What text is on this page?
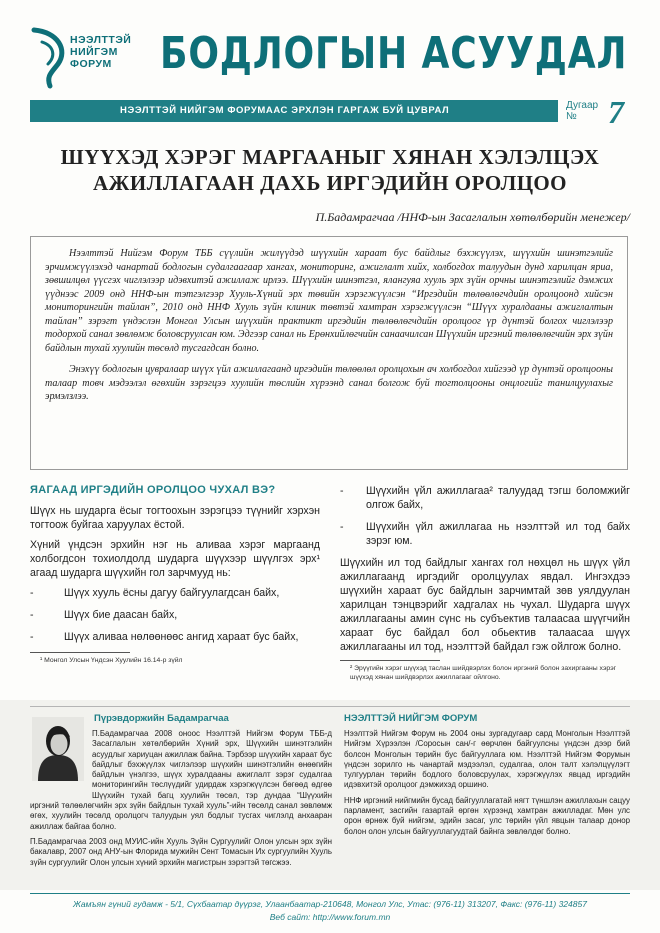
НЭЭЛТТЭЙ
НИЙГЭМ
ФОРУМ	БОДЛОГЫН АСУУДАЛ
НЭЭЛТТЭЙ НИЙГЭМ ФОРУМААС ЭРХЛЭН ГАРГАЖ БУЙ ЦУВРАЛ	Дугаар
№ 7
ШҮҮХЭД ХЭРЭГ МАРГААНЫГ ХЯНАН ХЭЛЭЛЦЭХ
АЖИЛЛАГААН ДАХЬ ИРГЭДИЙН ОРОЛЦОО
П.Бадамрагчаа /ННФ-ын Засаглалын хөтөлбөрийн менежер/

Нээлттэй Нийгэм Форум ТББ сүүлийн жилүүдэд шүүхийн хараат бус байдлыг бэхжүүлэх, шүүхийн шинэтгэлийг эрчимжүүлэхэд чанартай бодлогын судалгаагаар хангах, мониторинг, ажиглалт хийх, холбогдох талуудын дунд харилцан яриа, зөвшилцөл үүсгэх чиглэлээр идэвхитэй ажиллаж ирлээ. Шүүхийн шинэтгэл, ялангуяа хууль эрх зүйн орчны шинэтгэлийг дэмжих үүднээс 2009 онд ННФ-ын тэтгэлгээр Хууль-Хүний эрх төвийн хэрэгжүүлсэн “Иргэдийн төлөөлөгчдийн оролцоонд хийсэн мониторингийн тайлан”, 2010 онд ННФ Хууль зүйн клиник төвтэй хамтран хэрэгжүүлсэн “Шүүх хуралдааны ажиглалтын тайлан” зэрэгт үндэслэн Монгол Улсын шүүхийн практикт иргэдийн төлөөлөгчдийн оролцоог үр дүнтэй болгох чиглэлээр тодорхой санал зөвлөмж боловсруулсан юм. Эдгээр санал нь Ерөнхийлөгчийн санаачилсан Шүүхийн иргэний төлөөлөгчийн эрх зүйн байдлын тухай хуулийн төсөлд тусгагдсан болно.

Энэхүү бодлогын цувралаар шүүх үйл ажиллагаанд иргэдийн төлөөлөл оролцохын ач холбогдол хийгээд үр дүнтэй оролцооны талаар товч мэдээлэл өгөхийн зэрэгцээ хуулийн төслийн хүрээнд санал болгож буй тогтолцооны онцлогийг танилцуулахыг эрмэлзлээ.

ЯАГААД ИРГЭДИЙН ОРОЛЦОО ЧУХАЛ ВЭ?

Шүүх нь шударга ёсыг тогтоохын зэрэгцээ түүнийг хэрхэн тогтоож буйгаа харуулах ёстой.

Хүний үндсэн эрхийн нэг нь аливаа хэрэг маргаанд холбогдсон тохиолдолд шударга шүүхээр шүүлгэх эрх¹ агаад шударга шүүхийн гол зарчмууд нь:

-	Шүүх хууль ёсны дагуу байгуулагдсан байх,
-	Шүүх бие даасан байх,
-	Шүүх аливаа нөлөөнөөс ангид хараат бус байх,
¹ Монгол Улсын Үндсэн Хуулийн 16.14-р зүйл
- Шүүхийн үйл ажиллагаа² талуудад тэгш боломжийг олгож байх,
- Шүүхийн үйл ажиллагаа нь нээлттэй ил тод байх зэрэг юм.

Шүүхийн ил тод байдлыг хангах гол нөхцөл нь шүүх үйл ажиллагаанд иргэдийг оролцуулах явдал. Ингэхдээ шүүхийн хараат бус байдлын зарчимтай зөв уялдуулан харилцан тэнцвэрийг хадгалах нь чухал. Шударга шүүх ажиллагааны амин сүнс нь субъектив талаасаа шүүгчийн хараат бус байдал бол обьектив талаасаа шүүх ажиллагааны ил тод, нээлттэй байдал гэж ойлгож болно.

² Эрүүгийн хэрэг шүүхэд таслан шийдвэрлэх болон иргэний болон захиргааны хэрэг шүүхэд хянан шийдвэрлэх ажиллагааг ойлгоно.
Пүрэвдоржийн Бадамрагчаа

П.Бадамрагчаа 2008 оноос Нээлттэй Нийгэм Форум ТББ-д Засаглалын хөтөлбөрийн Хүний эрх, Шүүхийн шинэтгэлийн асуудлыг хариуцан ажиллаж байна. Тэрбээр шүүхийн хараат бус байдлыг бэхжүүлэх чиглэлээр шүүхийн шинэтгэлийн өнөөгийн байдлын үнэлгээ, шүүх хуралдааны ажиглалт зэрэг судалгаа мониторингийн төслүүдийг удирдаж хэрэгжүүлсэн бөгөөд өдгөө Шүүхийн тухай багц хуулийн төсөл, тэр дундаа “Шүүхийн иргэний төлөөлөгчийн эрх зүйн байдлын тухай хууль”-ийн төсөлд санал зөвлөмж өгөх, хуулийн төсөлд оролцогч талуудын уял бодлыг тусгах чиглэлд анхааран ажиллаж байгаа болно.

П.Бадамрагчаа 2003 онд МУИС-ийн Хууль Зүйн Сургуулийг Олон улсын эрх зүйн бакалавр, 2007 онд АНУ-ын Флорида мужийн Сент Томасын Их сургуулийн Хууль зүйн сургуулийг Олон улсын хүний эрхийн магистрын зэрэгтэй төгсжээ.

НЭЭЛТТЭЙ НИЙГЭМ ФОРУМ

Нээлттэй Нийгэм Форум нь 2004 оны зургадугаар сард Монголын Нээлттэй Нийгэм Хүрээлэн /Соросын сан/-г өөрчлөн байгуулсны үндсэн дээр бий болсон Монголын төрийн бус байгууллага юм. Нээлттэй Нийгэм Форумын үндсэн зорилго нь чанартай мэдээлэл, судалгаа, олон талт хэлэлцүүлэгт тулгуурлан төрийн бодлого боловсруулах, хэрэгжүүлэх явцад иргэдийн идэвхитэй оролцоог дэмжихэд оршино.

ННФ иргэний нийгмийн бусад байгууллагатай нягт түншлэн ажиллахын сацуу парламент, засгийн газартай өргөн хүрээнд хамтран ажилладаг. Мөн улс орон өрнөж буй нийгэм, эдийн засаг, улс төрийн үйл явцын талаар донор болон олон улсын байгууллагуудтай байнга зөвлөлдөг болно.

Жамъян гүний гудамж - 5/1, Сүхбаатар дүүрэг, Улаанбаатар-210648, Монгол Улс, Утас: (976-11) 313207, Факс: (976-11) 324857
Веб сайт: http://www.forum.mn
